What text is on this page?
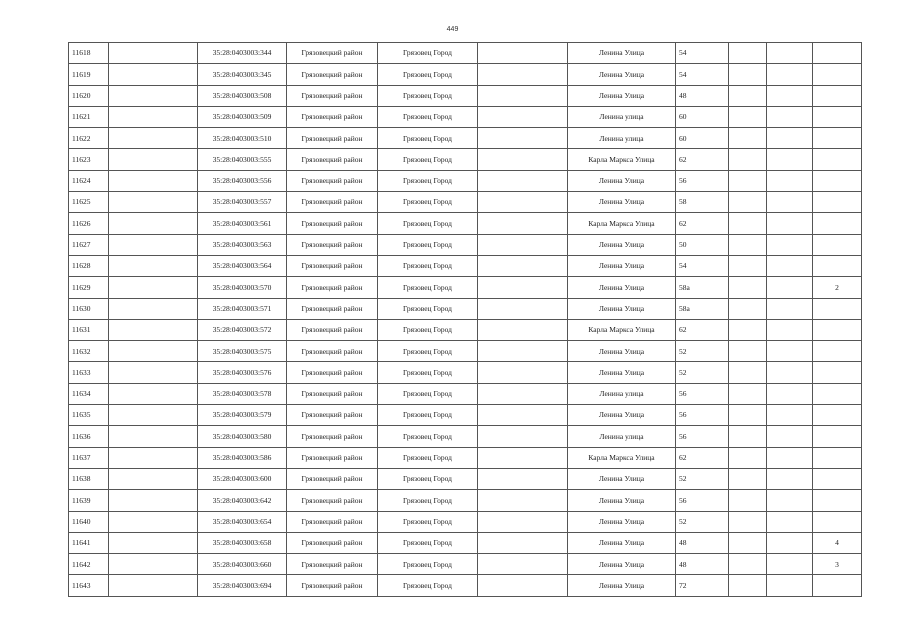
449
11618		35:28:0403003:344	Грязовецкий район	Грязовец Город		Ленина Улица	54			
11619		35:28:0403003:345	Грязовецкий район	Грязовец Город		Ленина Улица	54			
11620		35:28:0403003:508	Грязовецкий район	Грязовец Город		Ленина Улица	48			
11621		35:28:0403003:509	Грязовецкий район	Грязовец Город		Ленина улица	60			
11622		35:28:0403003:510	Грязовецкий район	Грязовец Город		Ленина улица	60			
11623		35:28:0403003:555	Грязовецкий район	Грязовец Город		Карла Маркса Улица	62			
11624		35:28:0403003:556	Грязовецкий район	Грязовец Город		Ленина Улица	56			
11625		35:28:0403003:557	Грязовецкий район	Грязовец Город		Ленина Улица	58			
11626		35:28:0403003:561	Грязовецкий район	Грязовец Город		Карла Маркса Улица	62			
11627		35:28:0403003:563	Грязовецкий район	Грязовец Город		Ленина Улица	50			
11628		35:28:0403003:564	Грязовецкий район	Грязовец Город		Ленина Улица	54			
11629		35:28:0403003:570	Грязовецкий район	Грязовец Город		Ленина Улица	58а			2
11630		35:28:0403003:571	Грязовецкий район	Грязовец Город		Ленина Улица	58а			
11631		35:28:0403003:572	Грязовецкий район	Грязовец Город		Карла Маркса Улица	62			
11632		35:28:0403003:575	Грязовецкий район	Грязовец Город		Ленина Улица	52			
11633		35:28:0403003:576	Грязовецкий район	Грязовец Город		Ленина Улица	52			
11634		35:28:0403003:578	Грязовецкий район	Грязовец Город		Ленина улица	56			
11635		35:28:0403003:579	Грязовецкий район	Грязовец Город		Ленина Улица	56			
11636		35:28:0403003:580	Грязовецкий район	Грязовец Город		Ленина улица	56			
11637		35:28:0403003:586	Грязовецкий район	Грязовец Город		Карла Маркса Улица	62			
11638		35:28:0403003:600	Грязовецкий район	Грязовец Город		Ленина Улица	52			
11639		35:28:0403003:642	Грязовецкий район	Грязовец Город		Ленина Улица	56			
11640		35:28:0403003:654	Грязовецкий район	Грязовец Город		Ленина Улица	52			
11641		35:28:0403003:658	Грязовецкий район	Грязовец Город		Ленина Улица	48			4
11642		35:28:0403003:660	Грязовецкий район	Грязовец Город		Ленина Улица	48			3
11643		35:28:0403003:694	Грязовецкий район	Грязовец Город		Ленина Улица	72			
